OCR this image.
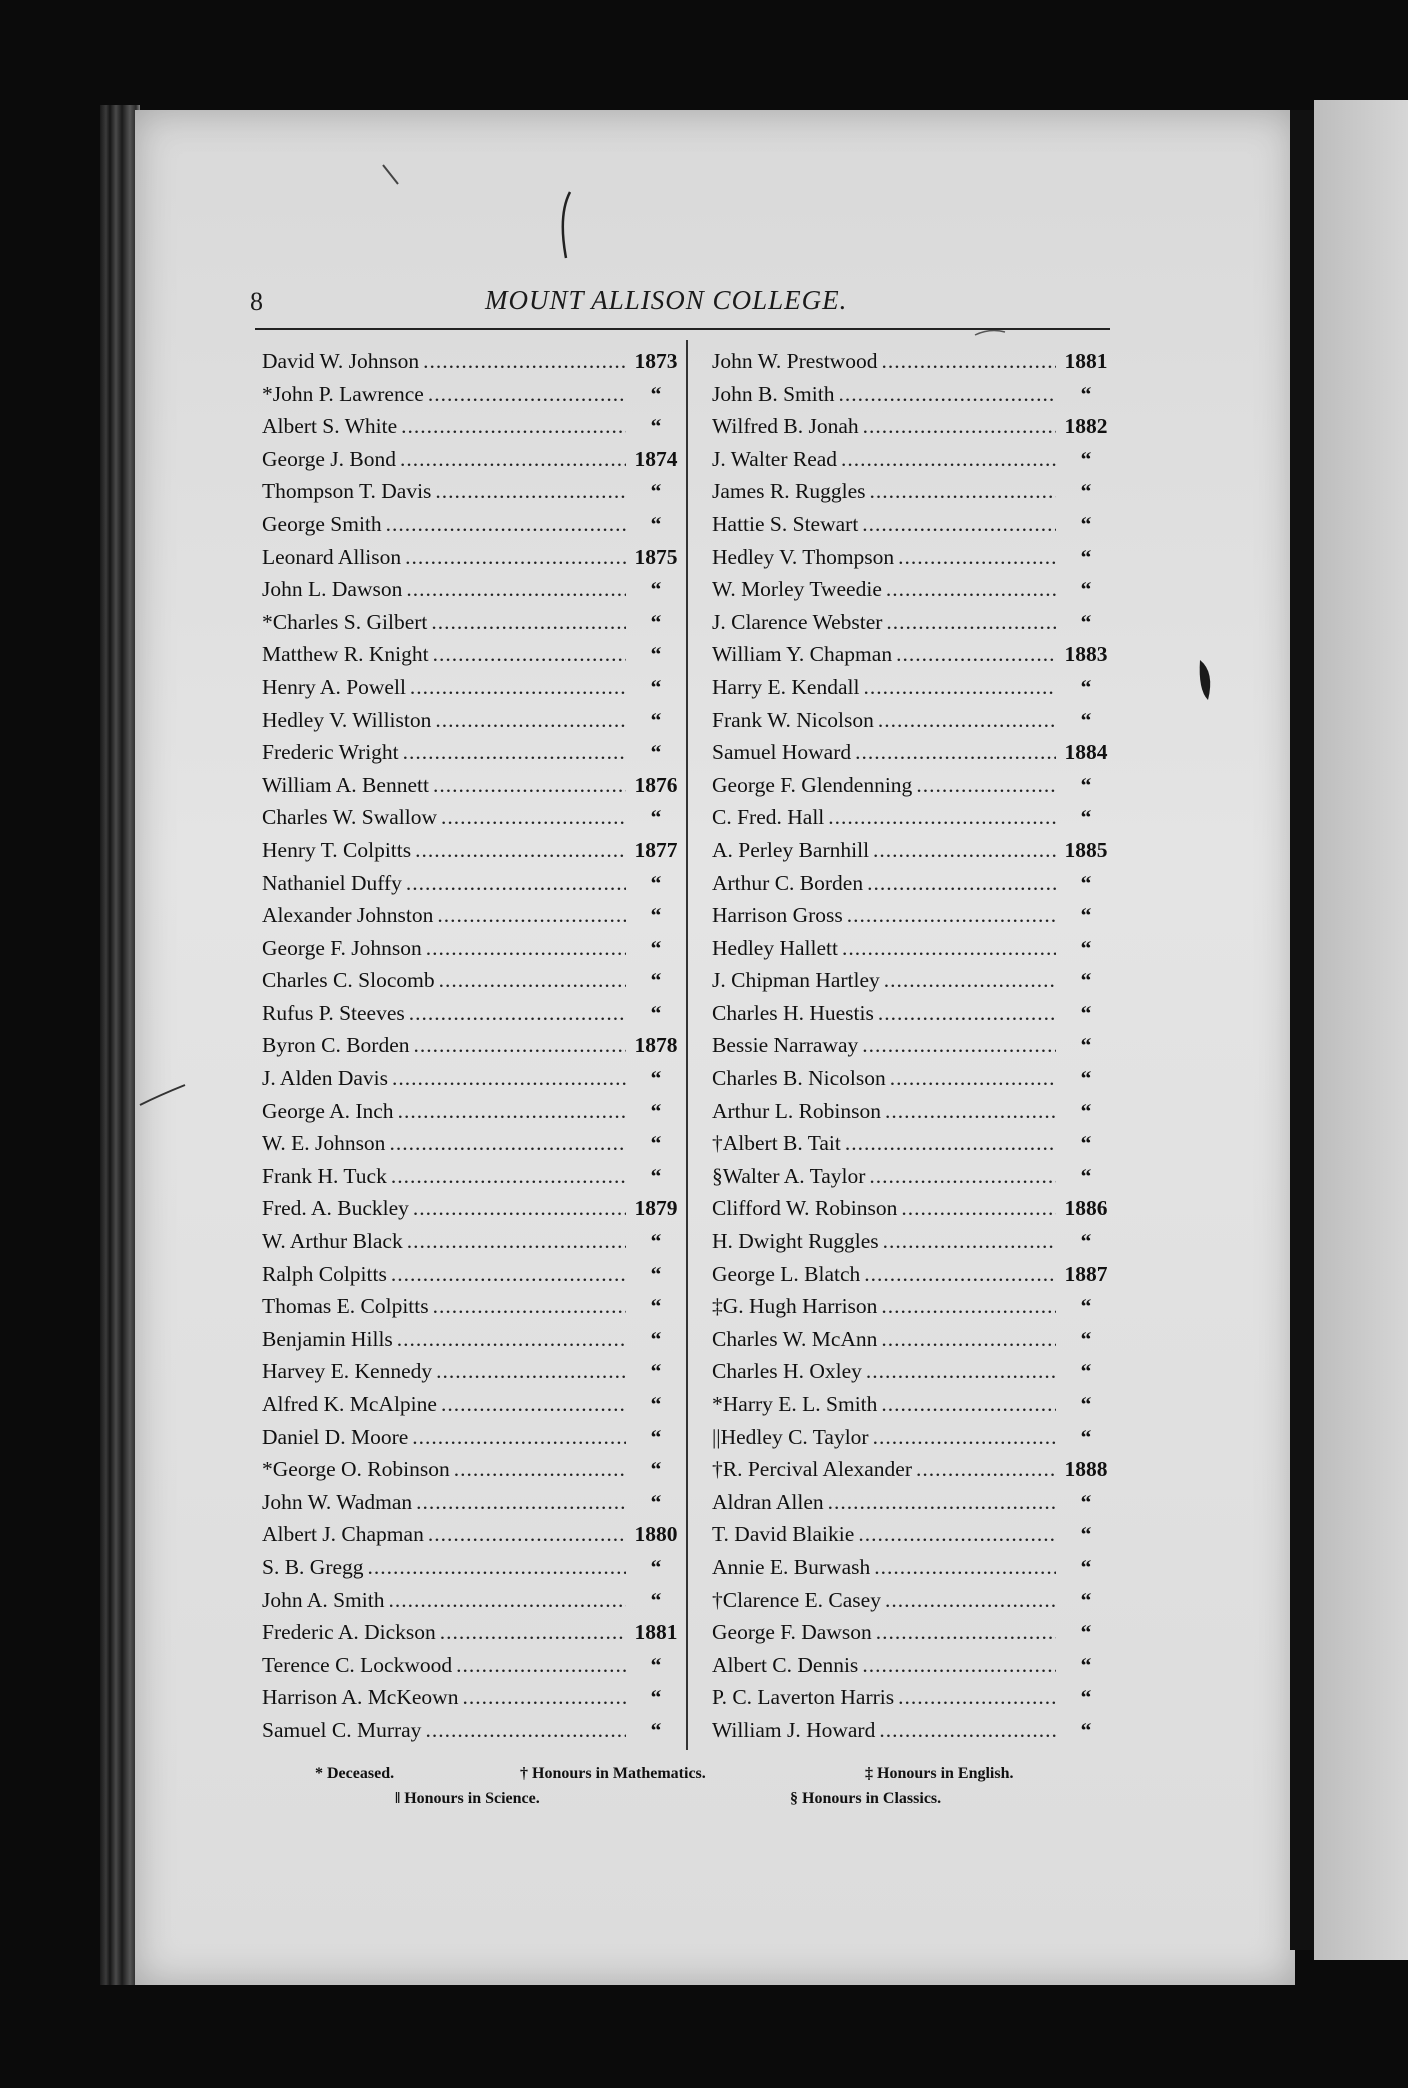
8	MOUNT ALLISON COLLEGE.
David W. Johnson .....	1873
*John P. Lawrence .....	“
Albert S. White .....	“
George J. Bond .....	1874
Thompson T. Davis .....	“
George Smith .....	“
Leonard Allison .....	1875
John L. Dawson .....	“
*Charles S. Gilbert .....	“
Matthew R. Knight .....	“
Henry A. Powell .....	“
Hedley V. Williston .....	“
Frederic Wright .....	“
William A. Bennett .....	1876
Charles W. Swallow .....	“
Henry T. Colpitts .....	1877
Nathaniel Duffy .....	“
Alexander Johnston .....	“
George F. Johnson .....	“
Charles C. Slocomb .....	“
Rufus P. Steeves .....	“
Byron C. Borden .....	1878
J. Alden Davis .....	“
George A. Inch .....	“
W. E. Johnson .....	“
Frank H. Tuck .....	“
Fred. A. Buckley .....	1879
W. Arthur Black .....	“
Ralph Colpitts .....	“
Thomas E. Colpitts .....	“
Benjamin Hills .....	“
Harvey E. Kennedy .....	“
Alfred K. McAlpine .....	“
Daniel D. Moore .....	“
*George O. Robinson .....	“
John W. Wadman .....	“
Albert J. Chapman .....	1880
S. B. Gregg .....	“
John A. Smith .....	“
Frederic A. Dickson .....	1881
Terence C. Lockwood .....	“
Harrison A. McKeown .....	“
Samuel C. Murray .....	“
John W. Prestwood .....	1881
John B. Smith .....	“
Wilfred B. Jonah .....	1882
J. Walter Read .....	“
James R. Ruggles .....	“
Hattie S. Stewart .....	“
Hedley V. Thompson .....	“
W. Morley Tweedie .....	“
J. Clarence Webster .....	“
William Y. Chapman .....	1883
Harry E. Kendall .....	“
Frank W. Nicolson .....	“
Samuel Howard .....	1884
George F. Glendenning .....	“
C. Fred. Hall .....	“
A. Perley Barnhill .....	1885
Arthur C. Borden .....	“
Harrison Gross .....	“
Hedley Hallett .....	“
J. Chipman Hartley .....	“
Charles H. Huestis .....	“
Bessie Narraway .....	“
Charles B. Nicolson .....	“
Arthur L. Robinson .....	“
†Albert B. Tait .....	“
§Walter A. Taylor .....	“
Clifford W. Robinson .....	1886
H. Dwight Ruggles .....	“
George L. Blatch .....	1887
‡G. Hugh Harrison .....	“
Charles W. McAnn .....	“
Charles H. Oxley .....	“
*Harry E. L. Smith .....	“
||Hedley C. Taylor .....	“
†R. Percival Alexander .....	1888
Aldran Allen .....	“
T. David Blaikie .....	“
Annie E. Burwash .....	“
†Clarence E. Casey .....	“
George F. Dawson .....	“
Albert C. Dennis .....	“
P. C. Laverton Harris .....	“
William J. Howard .....	“
* Deceased.	† Honours in Mathematics.	‡ Honours in English.
‖ Honours in Science.	§ Honours in Classics.
